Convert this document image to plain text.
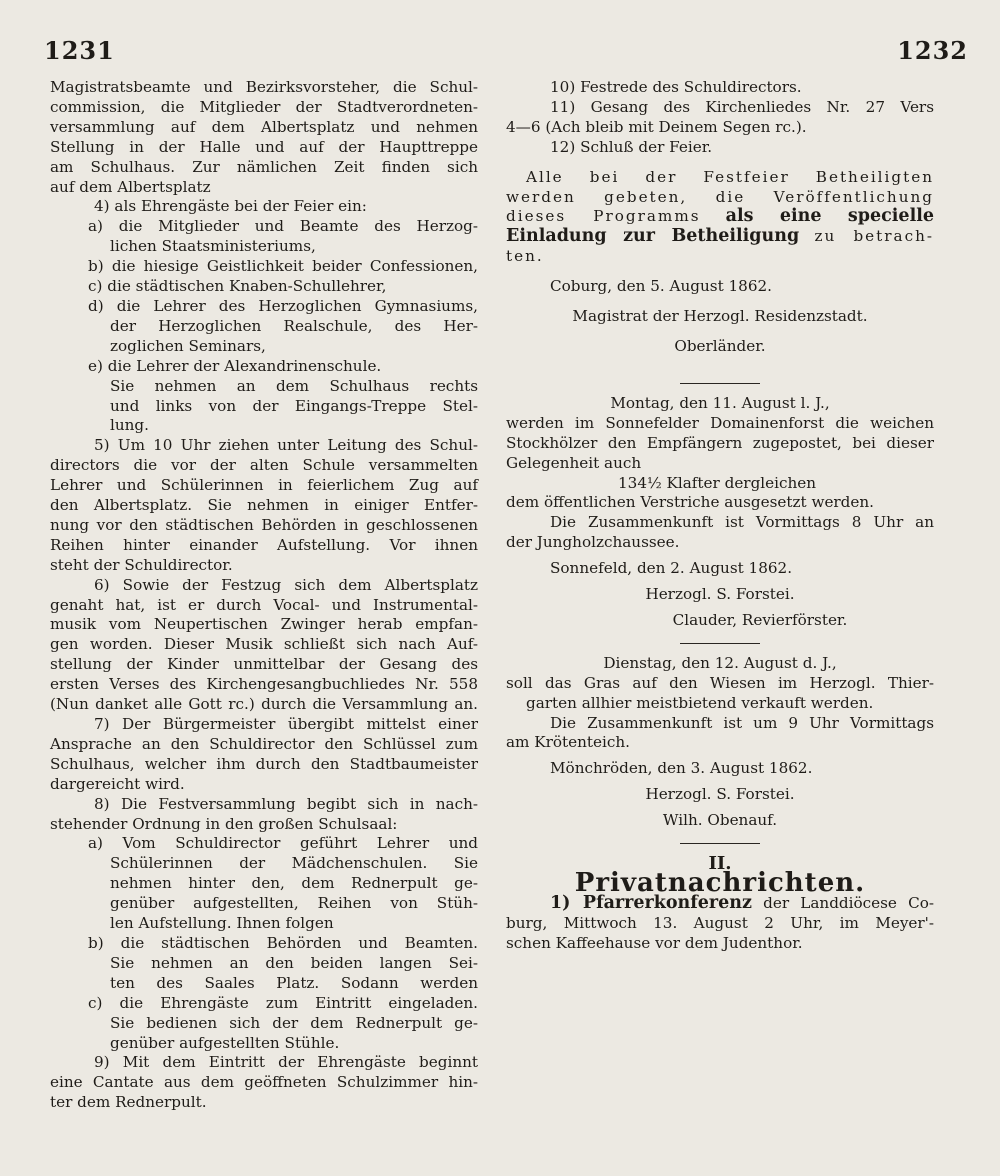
1231	1232

Magistratsbeamte und Bezirksvorsteher, die Schul-

commission, die Mitglieder der Stadtverordneten-

versammlung auf dem Albertsplatz und nehmen

Stellung in der Halle und auf der Haupttreppe

am Schulhaus. Zur nämlichen Zeit finden sich

auf dem Albertsplatz

4) als Ehrengäste bei der Feier ein:

a) die Mitglieder und Beamte des Herzog-

lichen Staatsministeriums,

b) die hiesige Geistlichkeit beider Confessionen,

c) die städtischen Knaben-Schullehrer,

d) die Lehrer des Herzoglichen Gymnasiums,

der Herzoglichen Realschule, des Her-

zoglichen Seminars,

e) die Lehrer der Alexandrinenschule.

Sie nehmen an dem Schulhaus rechts

und links von der Eingangs-Treppe Stel-

lung.

5) Um 10 Uhr ziehen unter Leitung des Schul-

directors die vor der alten Schule versammelten

Lehrer und Schülerinnen in feierlichem Zug auf

den Albertsplatz. Sie nehmen in einiger Entfer-

nung vor den städtischen Behörden in geschlossenen

Reihen hinter einander Aufstellung. Vor ihnen

steht der Schuldirector.

6) Sowie der Festzug sich dem Albertsplatz

genaht hat, ist er durch Vocal- und Instrumental-

musik vom Neupertischen Zwinger herab empfan-

gen worden. Dieser Musik schließt sich nach Auf-

stellung der Kinder unmittelbar der Gesang des

ersten Verses des Kirchengesangbuchliedes Nr. 558

(Nun danket alle Gott rc.) durch die Versammlung an.

7) Der Bürgermeister übergibt mittelst einer

Ansprache an den Schuldirector den Schlüssel zum

Schulhaus, welcher ihm durch den Stadtbaumeister

dargereicht wird.

8) Die Festversammlung begibt sich in nach-

stehender Ordnung in den großen Schulsaal:

a) Vom Schuldirector geführt Lehrer und

Schülerinnen der Mädchenschulen. Sie

nehmen hinter den, dem Rednerpult ge-

genüber aufgestellten, Reihen von Stüh-

len Aufstellung. Ihnen folgen

b) die städtischen Behörden und Beamten.

Sie nehmen an den beiden langen Sei-

ten des Saales Platz. Sodann werden

c) die Ehrengäste zum Eintritt eingeladen.

Sie bedienen sich der dem Rednerpult ge-

genüber aufgestellten Stühle.

9) Mit dem Eintritt der Ehrengäste beginnt

eine Cantate aus dem geöffneten Schulzimmer hin-

ter dem Rednerpult.

10) Festrede des Schuldirectors.

11) Gesang des Kirchenliedes Nr. 27 Vers

4—6 (Ach bleib mit Deinem Segen rc.).

12) Schluß der Feier.

Alle bei der Festfeier Betheiligten

werden gebeten, die Veröffentlichung

dieses Programms als eine specielle

Einladung zur Betheiligung zu betrach-

ten.

Coburg, den 5. August 1862.

Magistrat der Herzogl. Residenzstadt.

Oberländer.

Montag, den 11. August l. J.,

werden im Sonnefelder Domainenforst die weichen

Stockhölzer den Empfängern zugepostet, bei dieser

Gelegenheit auch

134½ Klafter dergleichen

dem öffentlichen Verstriche ausgesetzt werden.

Die Zusammenkunft ist Vormittags 8 Uhr an

der Jungholzchaussee.

Sonnefeld, den 2. August 1862.

Herzogl. S. Forstei.

Clauder, Revierförster.

Dienstag, den 12. August d. J.,

soll das Gras auf den Wiesen im Herzogl. Thier-

garten allhier meistbietend verkauft werden.

Die Zusammenkunft ist um 9 Uhr Vormittags

am Krötenteich.

Mönchröden, den 3. August 1862.

Herzogl. S. Forstei.

Wilh. Obenauf.

II.

Privatnachrichten.

1) Pfarrerkonferenz der Landdiöcese Co-

burg, Mittwoch 13. August 2 Uhr, im Meyer'-

schen Kaffeehause vor dem Judenthor.
